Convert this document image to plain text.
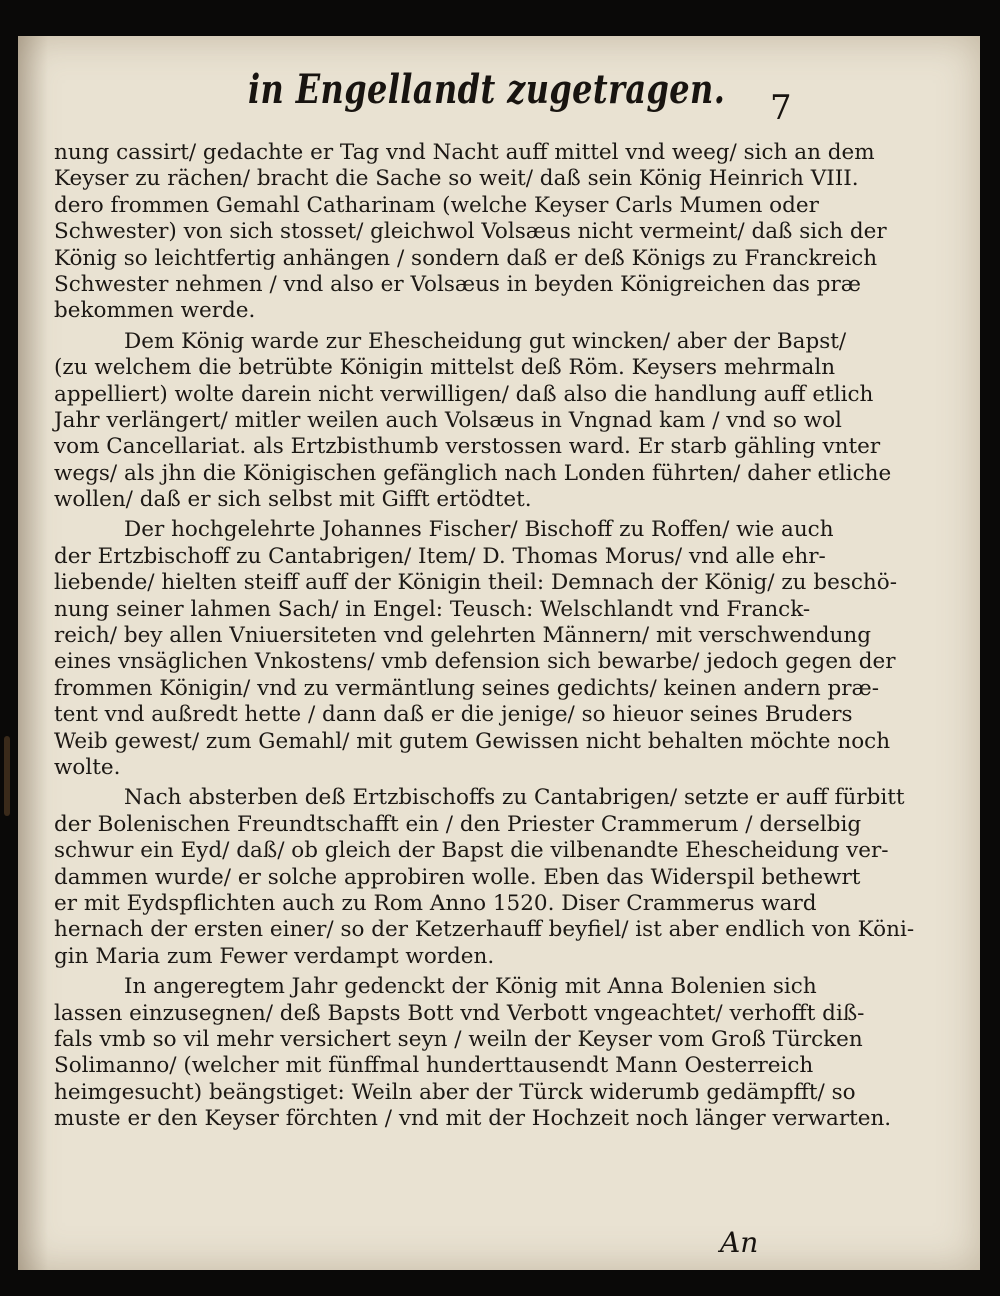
in Engellandt zugetragen. 7
nung cassirt/ gedachte er Tag vnd Nacht auff mittel vnd weeg/ sich an dem
Keyser zu rächen/ bracht die Sache so weit/ daß sein König Heinrich VIII.
dero frommen Gemahl Catharinam (welche Keyser Carls Mumen oder
Schwester) von sich stosset/ gleichwol Volsæus nicht vermeint/ daß sich der
König so leichtfertig anhängen / sondern daß er deß Königs zu Franckreich
Schwester nehmen / vnd also er Volsæus in beyden Königreichen das præ
bekommen werde.
Dem König warde zur Ehescheidung gut wincken/ aber der Bapst/
(zu welchem die betrübte Königin mittelst deß Röm. Keysers mehrmaln
appelliert) wolte darein nicht verwilligen/ daß also die handlung auff etlich
Jahr verlängert/ mitler weilen auch Volsæus in Vngnad kam / vnd so wol
vom Cancellariat. als Ertzbisthumb verstossen ward. Er starb gähling vnter
wegs/ als jhn die Königischen gefänglich nach Londen führten/ daher etliche
wollen/ daß er sich selbst mit Gifft ertödtet.
Der hochgelehrte Johannes Fischer/ Bischoff zu Roffen/ wie auch
der Ertzbischoff zu Cantabrigen/ Item/ D. Thomas Morus/ vnd alle ehr-
liebende/ hielten steiff auff der Königin theil: Demnach der König/ zu beschö-
nung seiner lahmen Sach/ in Engel: Teusch: Welschlandt vnd Franck-
reich/ bey allen Vniuersiteten vnd gelehrten Männern/ mit verschwendung
eines vnsäglichen Vnkostens/ vmb defension sich bewarbe/ jedoch gegen der
frommen Königin/ vnd zu vermäntlung seines gedichts/ keinen andern præ-
tent vnd außredt hette / dann daß er die jenige/ so hieuor seines Bruders
Weib gewest/ zum Gemahl/ mit gutem Gewissen nicht behalten möchte noch
wolte.
Nach absterben deß Ertzbischoffs zu Cantabrigen/ setzte er auff fürbitt
der Bolenischen Freundtschafft ein / den Priester Crammerum / derselbig
schwur ein Eyd/ daß/ ob gleich der Bapst die vilbenandte Ehescheidung ver-
dammen wurde/ er solche approbiren wolle. Eben das Widerspil bethewrt
er mit Eydspflichten auch zu Rom Anno 1520. Diser Crammerus ward
hernach der ersten einer/ so der Ketzerhauff beyfiel/ ist aber endlich von Köni-
gin Maria zum Fewer verdampt worden.
In angeregtem Jahr gedenckt der König mit Anna Bolenien sich
lassen einzusegnen/ deß Bapsts Bott vnd Verbott vngeachtet/ verhofft diß-
fals vmb so vil mehr versichert seyn / weiln der Keyser vom Groß Türcken
Solimanno/ (welcher mit fünffmal hunderttausendt Mann Oesterreich
heimgesucht) beängstiget: Weiln aber der Türck widerumb gedämpfft/ so
muste er den Keyser förchten / vnd mit der Hochzeit noch länger verwarten.
An
